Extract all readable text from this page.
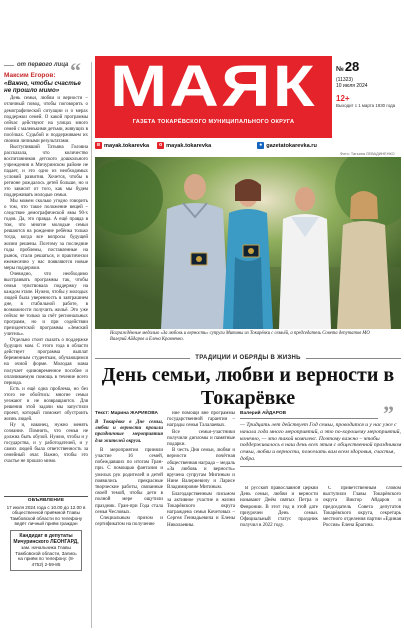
от первого лица “
Максим Егоров:
«Важно, чтобы счастье не прошло мимо»

День семьи, любви и верности – отличный повод, чтобы поговорить о демографической ситуации и о мерах поддержки семей. О какой программы сейчас действуют на улицах много семей с маленькими детьми, живущих в посёлках. Судьбой и поддерживаем их своими личными результатами.

Выступивший Татьяна Головна рассказала, что количество воспитанников детского дошкольного учреждения в Мичуринском районе не падает, и это одно из необходимых условий развития. Хочется, чтобы в регионе рождалось детей больше, но и это зависит от того, как мы будем поддерживать молодые семьи.

Мы можем сколько угодно говорить о том, что такое положение вещей – следствие демографической ямы 90-х годов. Да, это правда. А ещё правда в том, что многие молодые семьи решаются на рождение ребёнка только тогда, когда все вопросы будущей жизни решены. Поэтому за последние годы проблемы, поставленные на рынок, стали решаться, и практически ежемесячно у нас появляются новые меры поддержки.

Очевидно, что необходимо выстраивать программы так, чтобы семья чувствовала поддержку на каждом этапе. Нужно, чтобы у молодых людей была уверенность в завтрашнем дне, в стабильной работе, в возможности получить жильё. Это уже сейчас не только за счёт региональных программ, но и при содействии президентской программы «Земский учитель».

Отдельно стоит сказать о поддержке будущих мам. С этого года в области действует программа выплат беременным студенткам, обучающимся на очной форме. Молодая мама получает единовременное пособие и оплачиваемую помощь в течение всего периода.

Есть и ещё одна проблема, но без этого не обойтись: многие семьи уезжают и не возвращаются. Для решения этой задачи мы запустили проект, который поможет обустроить жизнь людей.

Ну и, наконец, нужно менять сознание. Помнить, что семья не должна быть обузой. Нужно, чтобы и у государства, и у работодателей, и у самих людей была ответственность за семейный очаг. Важно, чтобы это счастье не прошло мимо.

ОБЪЯВЛЕНИЕ
17 июля 2024 года с 10.00 до 12.00 в общественной приёмной Главы Тамбовской области по телефону ведёт личный приём граждан
Кандидат в депутаты Мичуринского ЛЕОНГАРД,
зам. начальника Главы Тамбовской области, Запись на приём по телефону: (8-4752) 2-59-85
МАЯК
ГАЗЕТА ТОКАРЁВСКОГО МУНИЦИПАЛЬНОГО ОКРУГА
№28
(11323)
10 июля 2024
12+
Выходит с 1 марта 1930 года
в mayak.tokarevka	о mayak.tokarevka	● gazetatokarevka.ru
Фото: Татьяна ЛЕВАДИНЕНКО
Награждённые медалью «За любовь и верность» супруги Митины из Токарёвки с семьёй, а председатель Совета депутатов МО Валерий Айдаров и Елена Кравченко.
ТРАДИЦИИ И ОБРЯДЫ В ЖИЗНЬ
День семьи, любви и верности в Токарёвке

Текст: Марина ЖАРИКОВА

В Токарёвке в Дне семьи, любви и верности прошли праздничные мероприятия для жителей округа.

В мероприятии приняли участие 16 семей, побеждавших по итогам Гран-при. С помощью фантазии и умелых рук родителей и детей появились прекрасные творческие работы, связанные своей темой, чтобы дети в полной мере ощутили праздник. Гран-при Года стала семья Чесловых.

Специальным призом и сертификатом на получение

ние помощи вне программы государственной гарантии – награды семья Талалаевых.

Все семьи-участники получили дипломы и памятные подарки.

В честь Дня семьи, любви и верности почётная общественная награда – медаль «За любовь и верность» вручена супругам Мигиным и Нине Валериевичу и Ларисе Владимировне Митиным.

Благодарственным письмом за активное участие в жизни Токарёвского округа награждена семья Кочетовых – Сергея Геннадьевича и Елены Николаевны.

Валерий АЙДАРОВ
— Тридцать лет действует Год семьи, проводится и у нас уже с начала года много мероприятий, а это по-хорошему мероприятий, конечно, — это такой комплекс. Поэтому важно – чтобы поддерживалось в наш день всех этим с общественной праздником семьи, любви и верности, пожелать вам всем здоровья, счастья, добра.
”

В русской православной церкви День семьи, любви и верности называют Днём святых Петра и Февронии. В этот год в этой дате приурочен День семьи. Официальный статус праздник получил в 2022 году.

С приветственным словом выступили Главы Токарёвского округа Виктор Айдаров и председатель Совета депутатов Токарёвского округа, секретарь местного отделения партии «Единая Россия» Елена Брагина.
